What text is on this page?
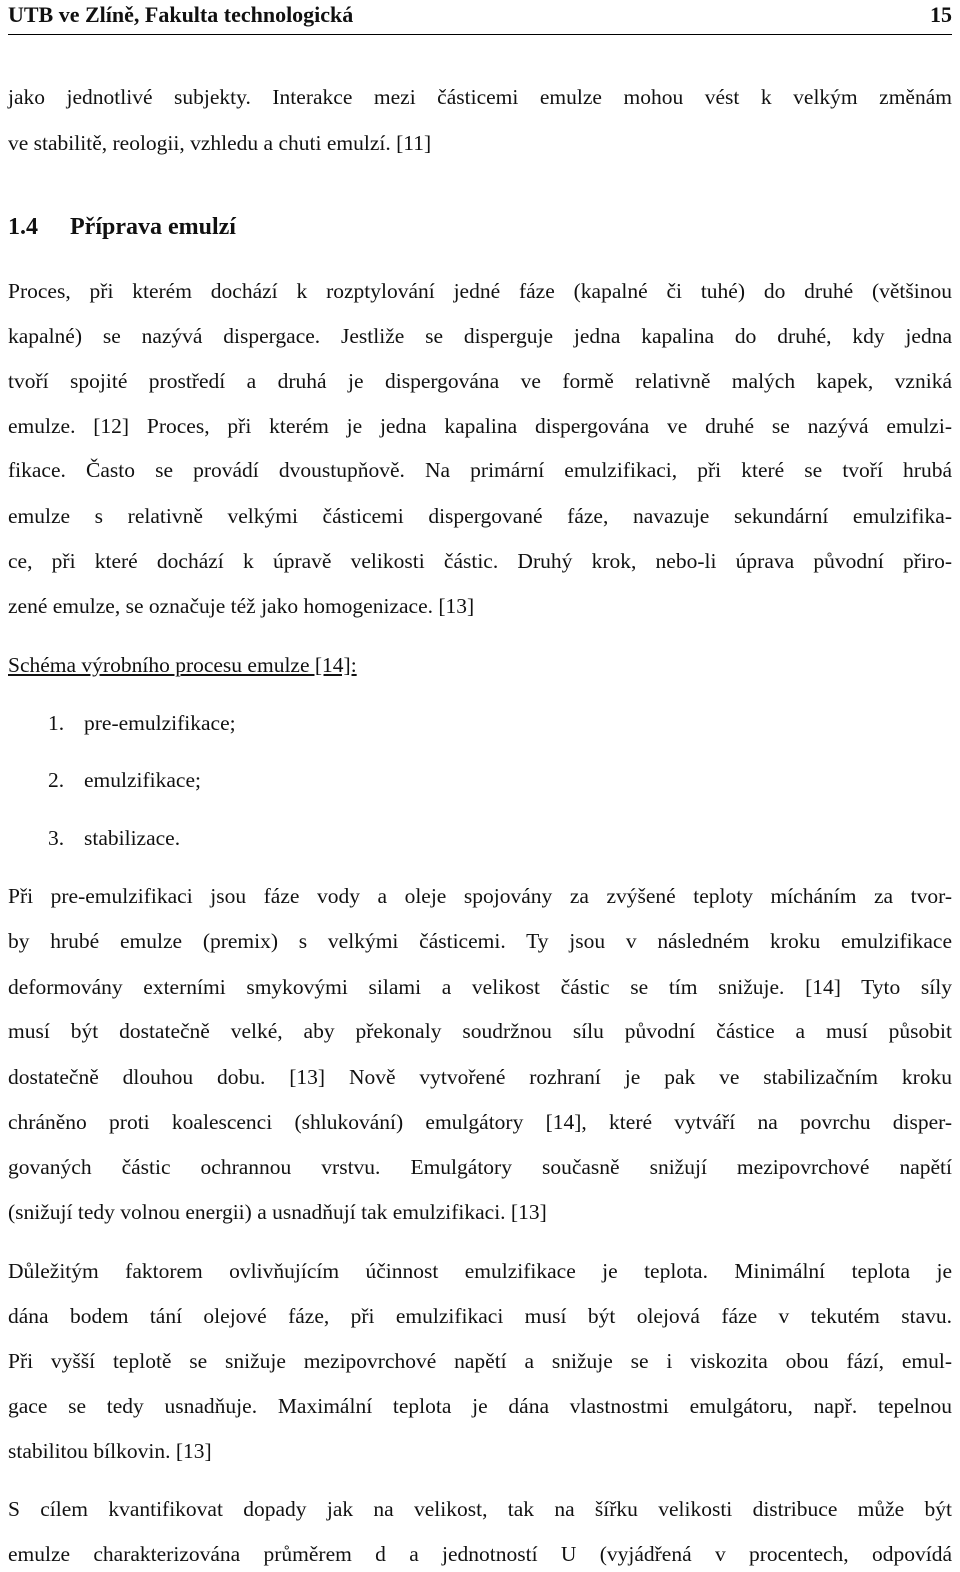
UTB ve Zlíně, Fakulta technologická	15
jako jednotlivé subjekty. Interakce mezi částicemi emulze mohou vést k velkým změnám
ve stabilitě, reologii, vzhledu a chuti emulzí. [11]
1.4 Příprava emulzí
Proces, při kterém dochází k rozptylování jedné fáze (kapalné či tuhé) do druhé (většinou
kapalné) se nazývá dispergace. Jestliže se disperguje jedna kapalina do druhé, kdy jedna
tvoří spojité prostředí a druhá je dispergována ve formě relativně malých kapek, vzniká
emulze. [12] Proces, při kterém je jedna kapalina dispergována ve druhé se nazývá emulzi-
fikace. Často se provádí dvoustupňově. Na primární emulzifikaci, při které se tvoří hrubá
emulze s relativně velkými částicemi dispergované fáze, navazuje sekundární emulzifika-
ce, při které dochází k úpravě velikosti částic. Druhý krok, nebo-li úprava původní přiro-
zené emulze, se označuje též jako homogenizace. [13]
Schéma výrobního procesu emulze [14]:
1. pre-emulzifikace;
2. emulzifikace;
3. stabilizace.
Při pre-emulzifikaci jsou fáze vody a oleje spojovány za zvýšené teploty mícháním za tvor-
by hrubé emulze (premix) s velkými částicemi. Ty jsou v následném kroku emulzifikace
deformovány externími smykovými silami a velikost částic se tím snižuje. [14] Tyto síly
musí být dostatečně velké, aby překonaly soudržnou sílu původní částice a musí působit
dostatečně dlouhou dobu. [13] Nově vytvořené rozhraní je pak ve stabilizačním kroku
chráněno proti koalescenci (shlukování) emulgátory [14], které vytváří na povrchu disper-
govaných částic ochrannou vrstvu. Emulgátory současně snižují mezipovrchové napětí
(snižují tedy volnou energii) a usnadňují tak emulzifikaci. [13]
Důležitým faktorem ovlivňujícím účinnost emulzifikace je teplota. Minimální teplota je
dána bodem tání olejové fáze, při emulzifikaci musí být olejová fáze v tekutém stavu.
Při vyšší teplotě se snižuje mezipovrchové napětí a snižuje se i viskozita obou fází, emul-
gace se tedy usnadňuje. Maximální teplota je dána vlastnostmi emulgátoru, např. tepelnou
stabilitou bílkovin. [13]
S cílem kvantifikovat dopady jak na velikost, tak na šířku velikosti distribuce může být
emulze charakterizována průměrem d a jednotností U (vyjádřená v procentech, odpovídá
